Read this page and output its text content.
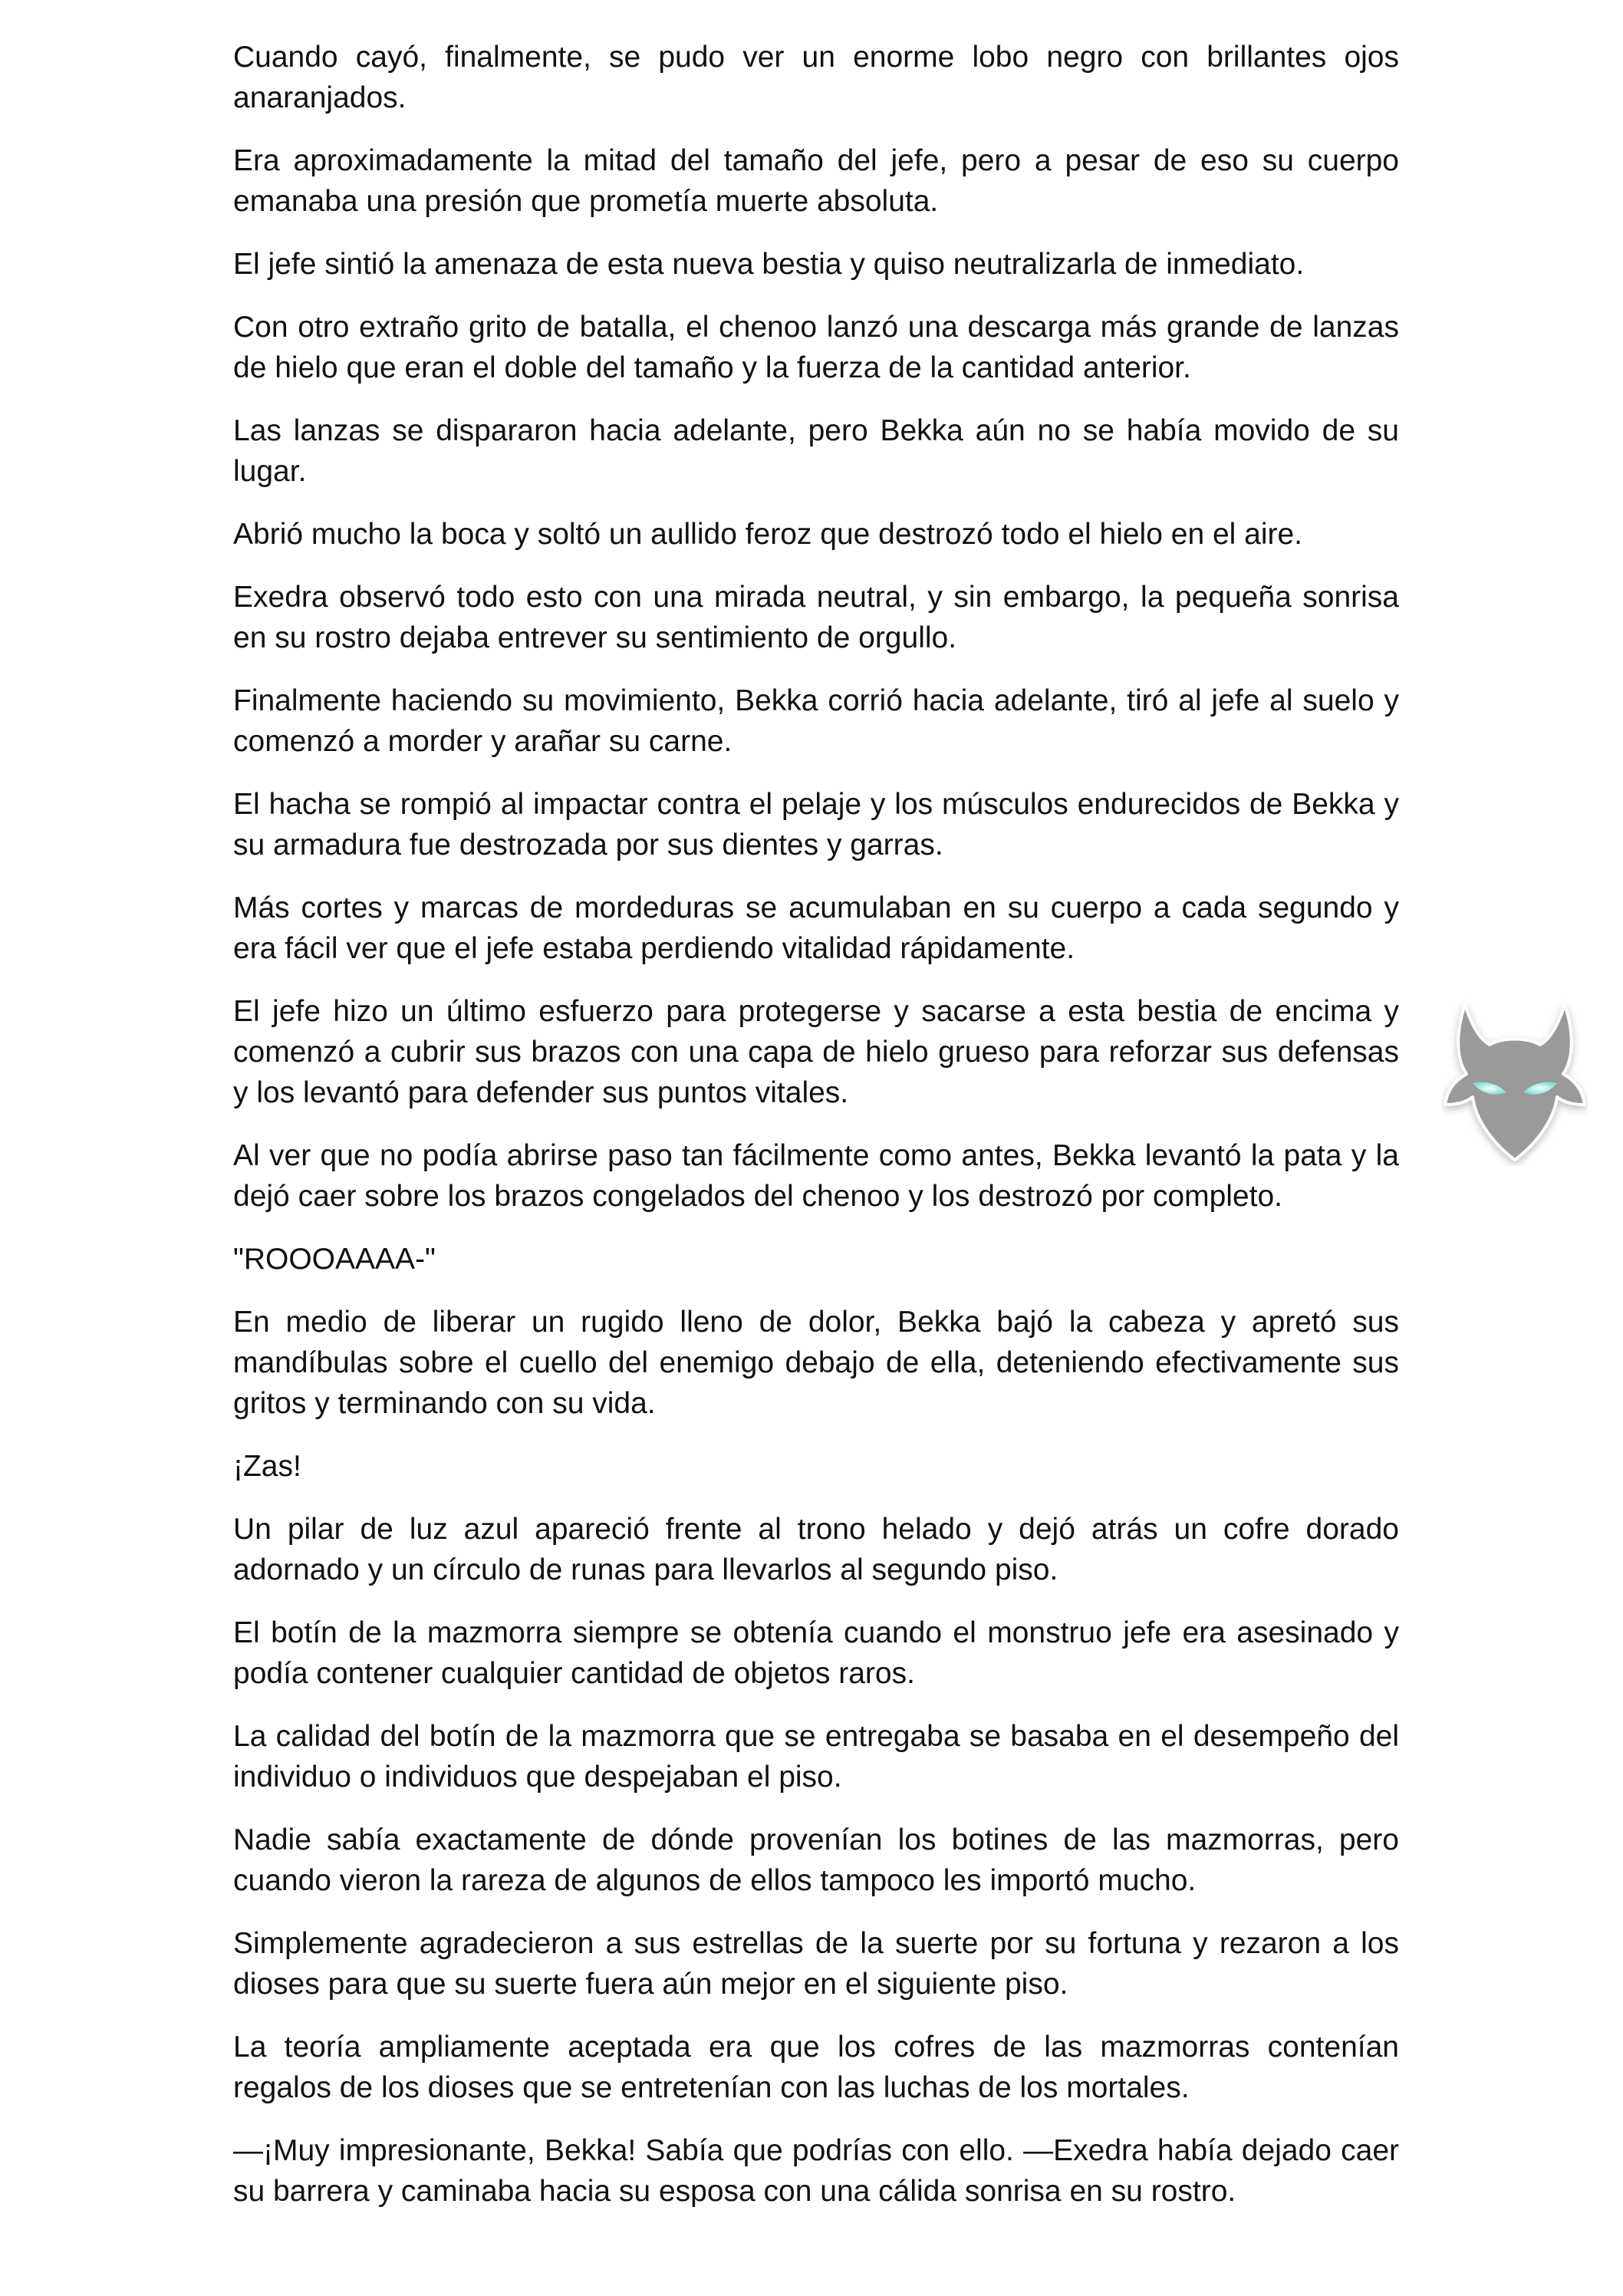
Cuando cayó, finalmente, se pudo ver un enorme lobo negro con brillantes ojos anaranjados.

Era aproximadamente la mitad del tamaño del jefe, pero a pesar de eso su cuerpo emanaba una presión que prometía muerte absoluta.

El jefe sintió la amenaza de esta nueva bestia y quiso neutralizarla de inmediato.

Con otro extraño grito de batalla, el chenoo lanzó una descarga más grande de lanzas de hielo que eran el doble del tamaño y la fuerza de la cantidad anterior.

Las lanzas se dispararon hacia adelante, pero Bekka aún no se había movido de su lugar.

Abrió mucho la boca y soltó un aullido feroz que destrozó todo el hielo en el aire.

Exedra observó todo esto con una mirada neutral, y sin embargo, la pequeña sonrisa en su rostro dejaba entrever su sentimiento de orgullo.

Finalmente haciendo su movimiento, Bekka corrió hacia adelante, tiró al jefe al suelo y comenzó a morder y arañar su carne.

El hacha se rompió al impactar contra el pelaje y los músculos endurecidos de Bekka y su armadura fue destrozada por sus dientes y garras.

Más cortes y marcas de mordeduras se acumulaban en su cuerpo a cada segundo y era fácil ver que el jefe estaba perdiendo vitalidad rápidamente.

El jefe hizo un último esfuerzo para protegerse y sacarse a esta bestia de encima y comenzó a cubrir sus brazos con una capa de hielo grueso para reforzar sus defensas y los levantó para defender sus puntos vitales.

Al ver que no podía abrirse paso tan fácilmente como antes, Bekka levantó la pata y la dejó caer sobre los brazos congelados del chenoo y los destrozó por completo.

"ROOOAAAA-"

En medio de liberar un rugido lleno de dolor, Bekka bajó la cabeza y apretó sus mandíbulas sobre el cuello del enemigo debajo de ella, deteniendo efectivamente sus gritos y terminando con su vida.

¡Zas!

Un pilar de luz azul apareció frente al trono helado y dejó atrás un cofre dorado adornado y un círculo de runas para llevarlos al segundo piso.

El botín de la mazmorra siempre se obtenía cuando el monstruo jefe era asesinado y podía contener cualquier cantidad de objetos raros.

La calidad del botín de la mazmorra que se entregaba se basaba en el desempeño del individuo o individuos que despejaban el piso.

Nadie sabía exactamente de dónde provenían los botines de las mazmorras, pero cuando vieron la rareza de algunos de ellos tampoco les importó mucho.

Simplemente agradecieron a sus estrellas de la suerte por su fortuna y rezaron a los dioses para que su suerte fuera aún mejor en el siguiente piso.

La teoría ampliamente aceptada era que los cofres de las mazmorras contenían regalos de los dioses que se entretenían con las luchas de los mortales.

—¡Muy impresionante, Bekka! Sabía que podrías con ello. —Exedra había dejado caer su barrera y caminaba hacia su esposa con una cálida sonrisa en su rostro.
